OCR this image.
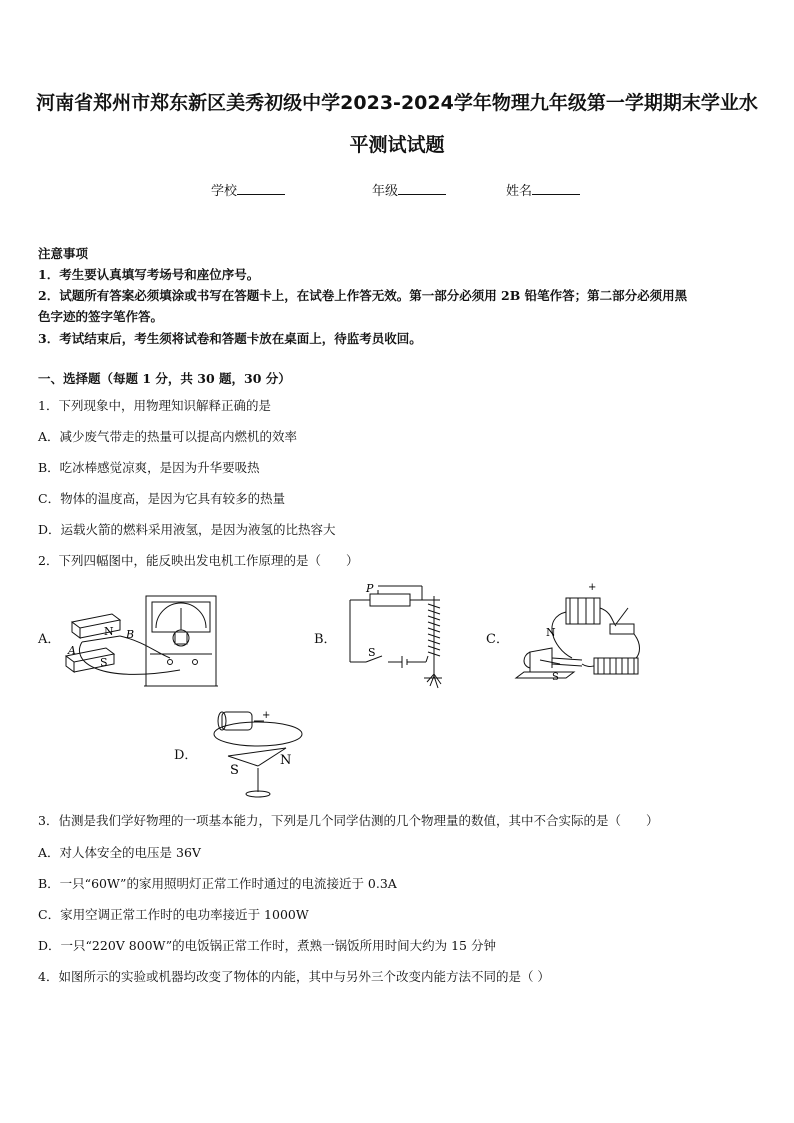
河南省郑州市郑东新区美秀初级中学2023-2024学年物理九年级第一学期期末学业水
平测试试题
学校	年级	姓名
注意事项
1．考生要认真填写考场号和座位序号。
2．试题所有答案必须填涂或书写在答题卡上，在试卷上作答无效。第一部分必须用 2B 铅笔作答；第二部分必须用黑
色字迹的签字笔作答。
3．考试结束后，考生须将试卷和答题卡放在桌面上，待监考员收回。
一、选择题（每题 1 分，共 30 题，30 分）
1．下列现象中，用物理知识解释正确的是
A．减少废气带走的热量可以提高内燃机的效率
B．吃冰棒感觉凉爽，是因为升华要吸热
C．物体的温度高，是因为它具有较多的热量
D．运载火箭的燃料采用液氢，是因为液氢的比热容大
2．下列四幅图中，能反映出发电机工作原理的是（　　）
A．	B．	C．
D．
N B
A
S
P
S
+
N
S
+
S
N
3．估测是我们学好物理的一项基本能力，下列是几个同学估测的几个物理量的数值，其中不合实际的是（　　）
A．对人体安全的电压是 36V
B．一只“60W”的家用照明灯正常工作时通过的电流接近于 0.3A
C．家用空调正常工作时的电功率接近于 1000W
D．一只“220V 800W”的电饭锅正常工作时，煮熟一锅饭所用时间大约为 15 分钟
4．如图所示的实验或机器均改变了物体的内能，其中与另外三个改变内能方法不同的是（ ）
